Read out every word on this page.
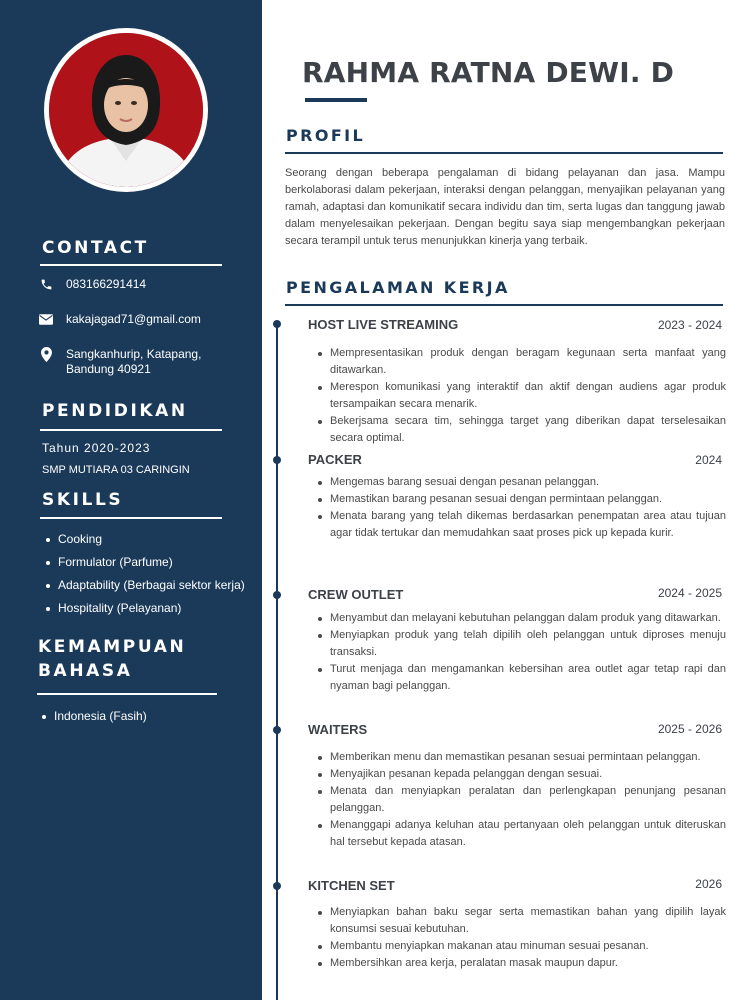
CONTACT
083166291414
kakajagad71@gmail.com
Sangkanhurip, Katapang,
Bandung 40921
PENDIDIKAN
Tahun 2020-2023
SMP MUTIARA 03 CARINGIN
SKILLS
Cooking
Formulator (Parfume)
Adaptability (Berbagai sektor kerja)
Hospitality (Pelayanan)
KEMAMPUAN
BAHASA
Indonesia (Fasih)
RAHMA RATNA DEWI. D
PROFIL

Seorang dengan beberapa pengalaman di bidang pelayanan dan jasa. Mampu berkolaborasi dalam pekerjaan, interaksi dengan pelanggan, menyajikan pelayanan yang ramah, adaptasi dan komunikatif secara individu dan tim, serta lugas dan tanggung jawab dalam menyelesaikan pekerjaan. Dengan begitu saya siap mengembangkan pekerjaan secara terampil untuk terus menunjukkan kinerja yang terbaik.

PENGALAMAN KERJA
HOST LIVE STREAMING	2023 - 2024
Mempresentasikan produk dengan beragam kegunaan serta manfaat yang ditawarkan.
Merespon komunikasi yang interaktif dan aktif dengan audiens agar produk tersampaikan secara menarik.
Bekerjsama secara tim, sehingga target yang diberikan dapat terselesaikan secara optimal.
PACKER	2024
Mengemas barang sesuai dengan pesanan pelanggan.
Memastikan barang pesanan sesuai dengan permintaan pelanggan.
Menata barang yang telah dikemas berdasarkan penempatan area atau tujuan agar tidak tertukar dan memudahkan saat proses pick up kepada kurir.
CREW OUTLET	2024 - 2025
Menyambut dan melayani kebutuhan pelanggan dalam produk yang ditawarkan.
Menyiapkan produk yang telah dipilih oleh pelanggan untuk diproses menuju transaksi.
Turut menjaga dan mengamankan kebersihan area outlet agar tetap rapi dan nyaman bagi pelanggan.
WAITERS	2025 - 2026
Memberikan menu dan memastikan pesanan sesuai permintaan pelanggan.
Menyajikan pesanan kepada pelanggan dengan sesuai.
Menata dan menyiapkan peralatan dan perlengkapan penunjang pesanan pelanggan.
Menanggapi adanya keluhan atau pertanyaan oleh pelanggan untuk diteruskan hal tersebut kepada atasan.
KITCHEN SET	2026
Menyiapkan bahan baku segar serta memastikan bahan yang dipilih layak konsumsi sesuai kebutuhan.
Membantu menyiapkan makanan atau minuman sesuai pesanan.
Membersihkan area kerja, peralatan masak maupun dapur.
